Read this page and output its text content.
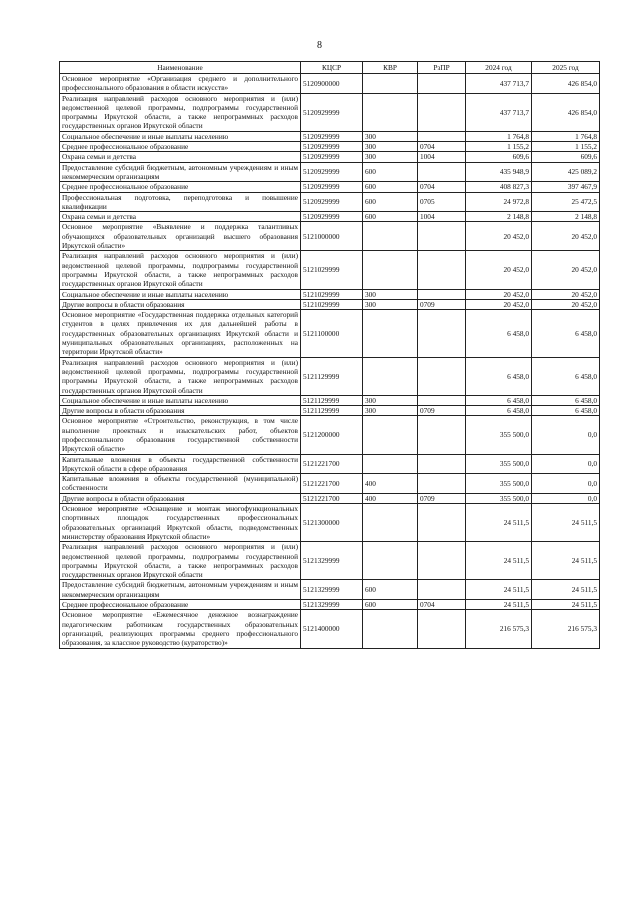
8
Наименование	КЦСР	КВР	РзПР	2024 год	2025 год
Основное мероприятие «Организация среднего и дополнительного профессионального образования в области искусств»	5120900000			437 713,7	426 854,0
Реализация направлений расходов основного мероприятия и (или) ведомственной целевой программы, подпрограммы государственной программы Иркутской области, а также непрограммных расходов государственных органов Иркутской области	5120929999			437 713,7	426 854,0
Социальное обеспечение и иные выплаты населению	5120929999	300		1 764,8	1 764,8
Среднее профессиональное образование	5120929999	300	0704	1 155,2	1 155,2
Охрана семьи и детства	5120929999	300	1004	609,6	609,6
Предоставление субсидий бюджетным, автономным учреждениям и иным некоммерческим организациям	5120929999	600		435 948,9	425 089,2
Среднее профессиональное образование	5120929999	600	0704	408 827,3	397 467,9
Профессиональная подготовка, переподготовка и повышение квалификации	5120929999	600	0705	24 972,8	25 472,5
Охрана семьи и детства	5120929999	600	1004	2 148,8	2 148,8
Основное мероприятие «Выявление и поддержка талантливых обучающихся образовательных организаций высшего образования Иркутской области»	5121000000			20 452,0	20 452,0
Реализация направлений расходов основного мероприятия и (или) ведомственной целевой программы, подпрограммы государственной программы Иркутской области, а также непрограммных расходов государственных органов Иркутской области	5121029999			20 452,0	20 452,0
Социальное обеспечение и иные выплаты населению	5121029999	300		20 452,0	20 452,0
Другие вопросы в области образования	5121029999	300	0709	20 452,0	20 452,0
Основное мероприятие «Государственная поддержка отдельных категорий студентов в целях привлечения их для дальнейшей работы в государственных образовательных организациях Иркутской области и муниципальных образовательных организациях, расположенных на территории Иркутской области»	5121100000			6 458,0	6 458,0
Реализация направлений расходов основного мероприятия и (или) ведомственной целевой программы, подпрограммы государственной программы Иркутской области, а также непрограммных расходов государственных органов Иркутской области	5121129999			6 458,0	6 458,0
Социальное обеспечение и иные выплаты населению	5121129999	300		6 458,0	6 458,0
Другие вопросы в области образования	5121129999	300	0709	6 458,0	6 458,0
Основное мероприятие «Строительство, реконструкция, в том числе выполнение проектных и изыскательских работ, объектов профессионального образования государственной собственности Иркутской области»	5121200000			355 500,0	0,0
Капитальные вложения в объекты государственной собственности Иркутской области в сфере образования	5121221700			355 500,0	0,0
Капитальные вложения в объекты государственной (муниципальной) собственности	5121221700	400		355 500,0	0,0
Другие вопросы в области образования	5121221700	400	0709	355 500,0	0,0
Основное мероприятие «Оснащение и монтаж многофункциональных спортивных площадок государственных профессиональных образовательных организаций Иркутской области, подведомственных министерству образования Иркутской области»	5121300000			24 511,5	24 511,5
Реализация направлений расходов основного мероприятия и (или) ведомственной целевой программы, подпрограммы государственной программы Иркутской области, а также непрограммных расходов государственных органов Иркутской области	5121329999			24 511,5	24 511,5
Предоставление субсидий бюджетным, автономным учреждениям и иным некоммерческим организациям	5121329999	600		24 511,5	24 511,5
Среднее профессиональное образование	5121329999	600	0704	24 511,5	24 511,5
Основное мероприятие «Ежемесячное денежное вознаграждение педагогическим работникам государственных образовательных организаций, реализующих программы среднего профессионального образования, за классное руководство (кураторство)»	5121400000			216 575,3	216 575,3
